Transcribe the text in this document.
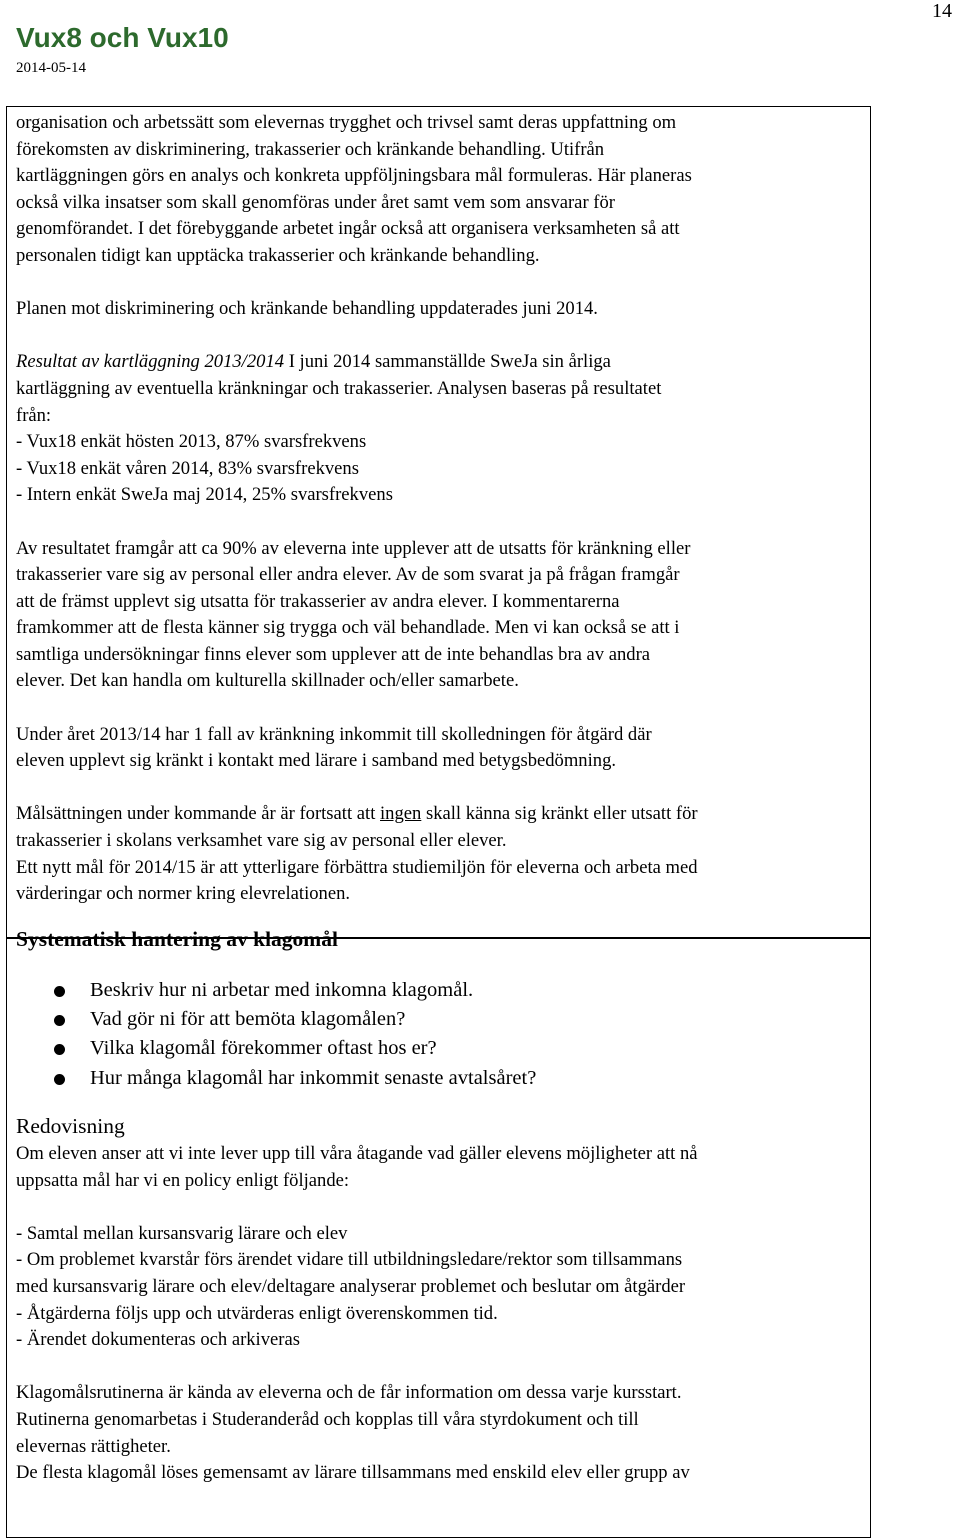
14
Vux8 och Vux10
2014-05-14

organisation och arbetssätt som elevernas trygghet och trivsel samt deras uppfattning om

förekomsten av diskriminering, trakasserier och kränkande behandling. Utifrån

kartläggningen görs en analys och konkreta uppföljningsbara mål formuleras. Här planeras

också vilka insatser som skall genomföras under året samt vem som ansvarar för

genomförandet. I det förebyggande arbetet ingår också att organisera verksamheten så att

personalen tidigt kan upptäcka trakasserier och kränkande behandling.

Planen mot diskriminering och kränkande behandling uppdaterades juni 2014.

Resultat av kartläggning 2013/2014 I juni 2014 sammanställde SweJa sin årliga

kartläggning av eventuella kränkningar och trakasserier. Analysen baseras på resultatet

från:

- Vux18 enkät hösten 2013, 87% svarsfrekvens

- Vux18 enkät våren 2014, 83% svarsfrekvens

- Intern enkät SweJa maj 2014, 25% svarsfrekvens

Av resultatet framgår att ca 90% av eleverna inte upplever att de utsatts för kränkning eller

trakasserier vare sig av personal eller andra elever. Av de som svarat ja på frågan framgår

att de främst upplevt sig utsatta för trakasserier av andra elever. I kommentarerna

framkommer att de flesta känner sig trygga och väl behandlade. Men vi kan också se att i

samtliga undersökningar finns elever som upplever att de inte behandlas bra av andra

elever. Det kan handla om kulturella skillnader och/eller samarbete.

Under året 2013/14 har 1 fall av kränkning inkommit till skolledningen för åtgärd där

eleven upplevt sig kränkt i kontakt med lärare i samband med betygsbedömning.

Målsättningen under kommande år är fortsatt att ingen skall känna sig kränkt eller utsatt för

trakasserier i skolans verksamhet vare sig av personal eller elever.

Ett nytt mål för 2014/15 är att ytterligare förbättra studiemiljön för eleverna och arbeta med

värderingar och normer kring elevrelationen.

Systematisk hantering av klagomål

Beskriv hur ni arbetar med inkomna klagomål.
Vad gör ni för att bemöta klagomålen?
Vilka klagomål förekommer oftast hos er?
Hur många klagomål har inkommit senaste avtalsåret?

Redovisning

Om eleven anser att vi inte lever upp till våra åtagande vad gäller elevens möjligheter att nå

uppsatta mål har vi en policy enligt följande:

- Samtal mellan kursansvarig lärare och elev

- Om problemet kvarstår förs ärendet vidare till utbildningsledare/rektor som tillsammans

med kursansvarig lärare och elev/deltagare analyserar problemet och beslutar om åtgärder

- Åtgärderna följs upp och utvärderas enligt överenskommen tid.

- Ärendet dokumenteras och arkiveras

Klagomålsrutinerna är kända av eleverna och de får information om dessa varje kursstart.

Rutinerna genomarbetas i Studeranderåd och kopplas till våra styrdokument och till

elevernas rättigheter.

De flesta klagomål löses gemensamt av lärare tillsammans med enskild elev eller grupp av
